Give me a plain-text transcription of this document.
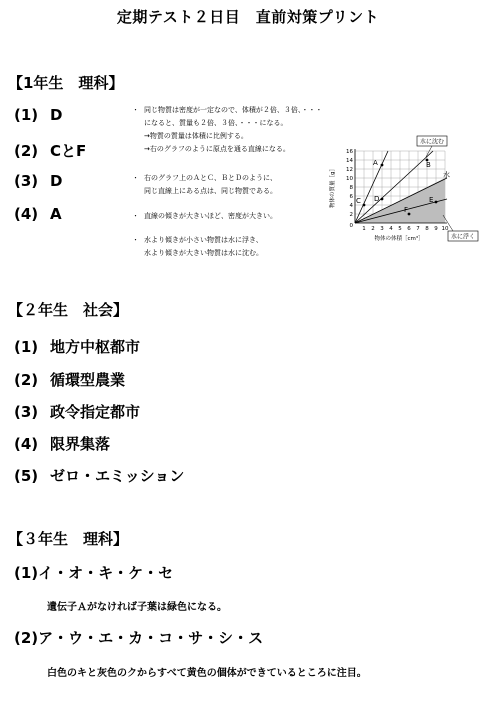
定期テスト２日目　直前対策プリント
【1年生　理科】
(1) D
(2) CとF
(3) D
(4) A
・ 同じ物質は密度が一定なので、体積が２倍、３倍、・・・
になると、質量も２倍、３倍、・・・になる。
→物質の質量は体積に比例する。
→右のグラフのように原点を通る直線になる。
・ 右のグラフ上のＡとＣ、ＢとＤのように、
同じ直線上にある点は、同じ物質である。
・ 直線の傾きが大きいほど、密度が大きい。
・ 水より傾きが小さい物質は水に浮き、
水より傾きが大きい物質は水に沈む。
A	B
C D	E
F
水
16
14
12
10
8
6
4
2
0 1 2 3 4 5 6 7 8 9 10
物体の体積［cm³］
物体の質量［g］
水に沈む
水に浮く
【２年生　社会】
(1) 地方中枢都市
(2) 循環型農業
(3) 政令指定都市
(4) 限界集落
(5) ゼロ・エミッション
【３年生　理科】
(1)イ・オ・キ・ケ・セ
遺伝子Ａがなければ子葉は緑色になる。
(2)ア・ウ・エ・カ・コ・サ・シ・ス
白色のキと灰色のクからすべて黄色の個体ができているところに注目。
